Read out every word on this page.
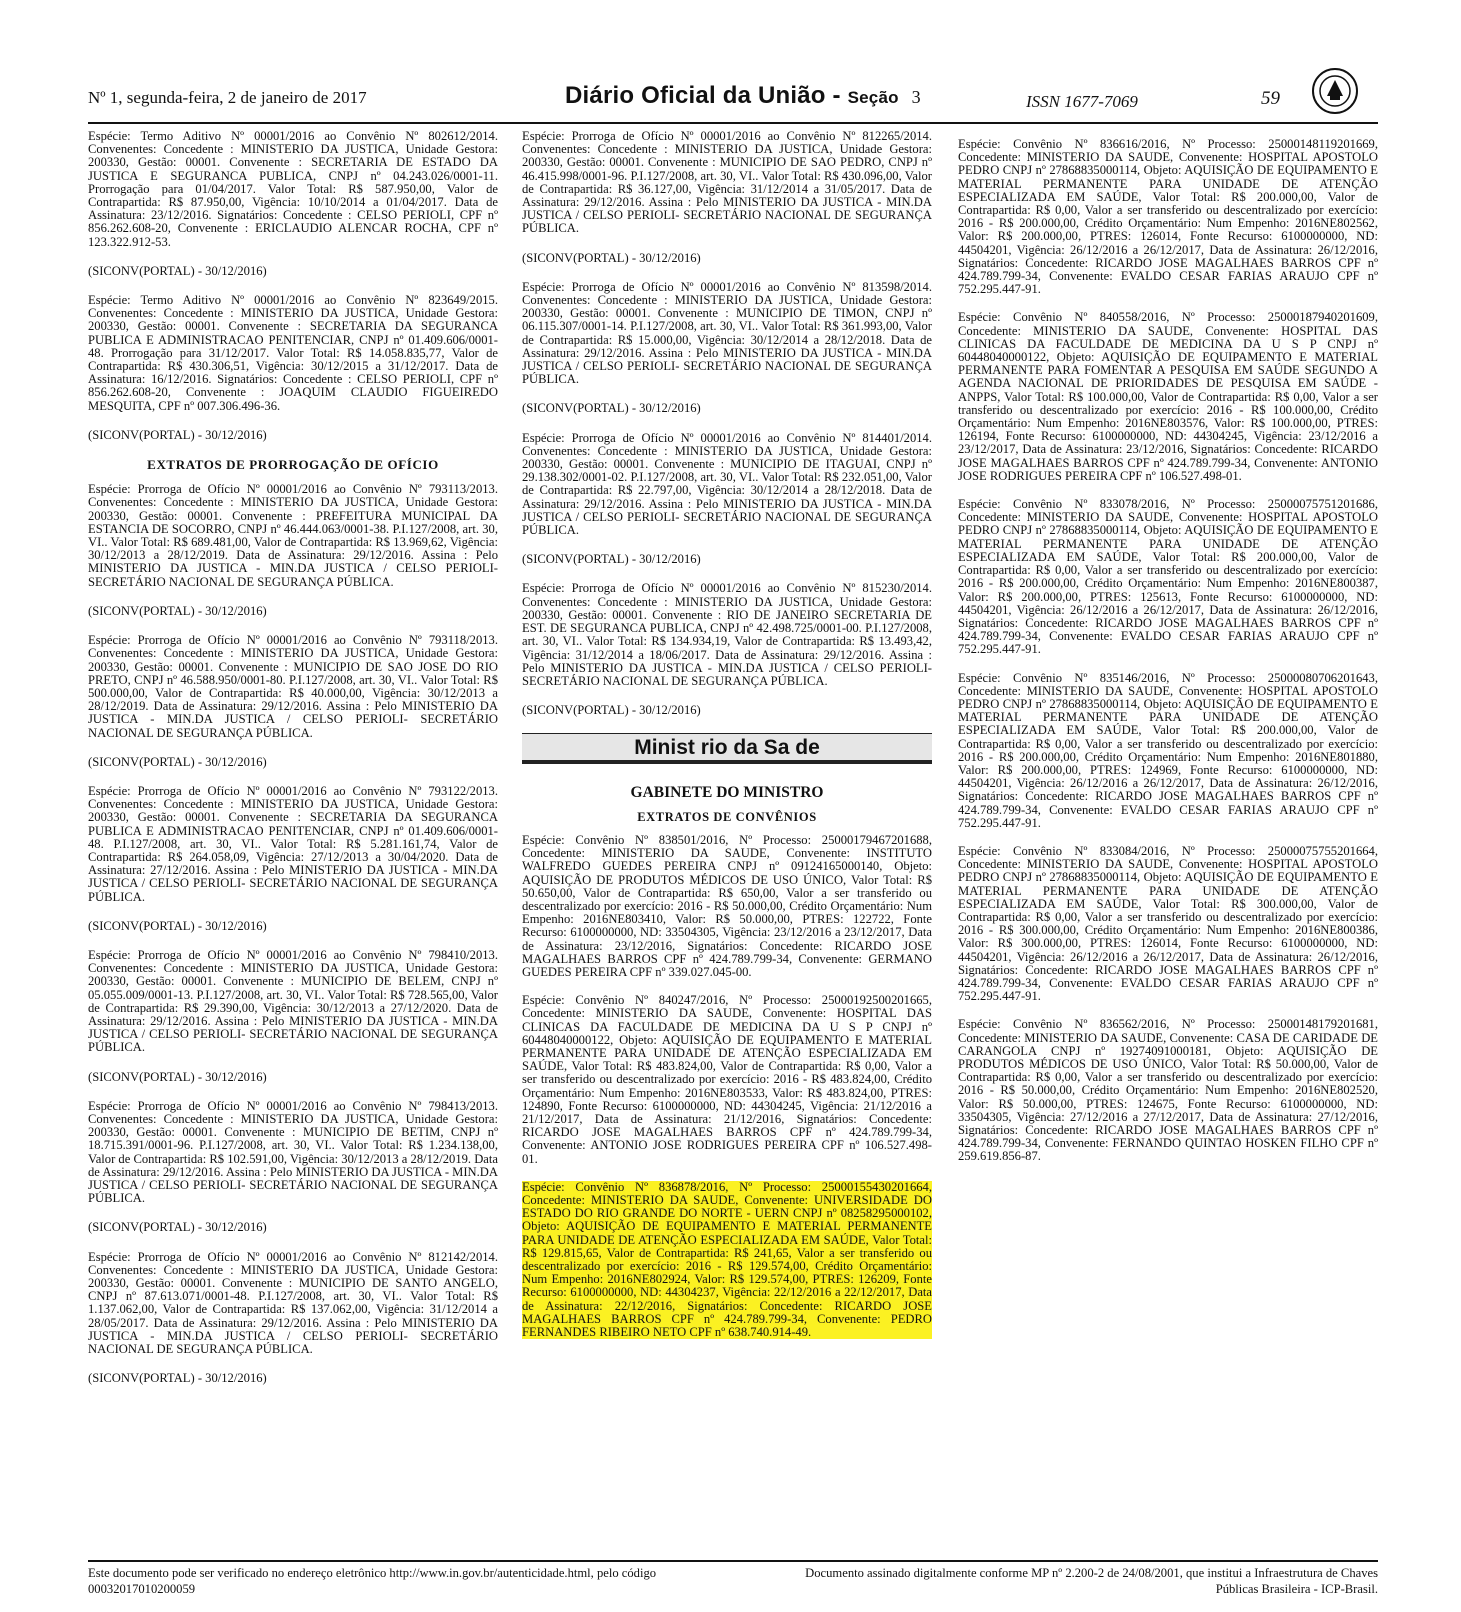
Nº 1, segunda-feira, 2 de janeiro de 2017	Diário Oficial da União - Seção 3	ISSN 1677-7069	59

Espécie: Termo Aditivo Nº 00001/2016 ao Convênio Nº 802612/2014. Convenentes: Concedente : MINISTERIO DA JUSTICA, Unidade Gestora: 200330, Gestão: 00001. Convenente : SECRETARIA DE ESTADO DA JUSTICA E SEGURANCA PUBLICA, CNPJ nº 04.243.026/0001-11. Prorrogação para 01/04/2017. Valor Total: R$ 587.950,00, Valor de Contrapartida: R$ 87.950,00, Vigência: 10/10/2014 a 01/04/2017. Data de Assinatura: 23/12/2016. Signatários: Concedente : CELSO PERIOLI, CPF nº 856.262.608-20, Convenente : ERICLAUDIO ALENCAR ROCHA, CPF nº 123.322.912-53.

(SICONV(PORTAL) - 30/12/2016)

Espécie: Termo Aditivo Nº 00001/2016 ao Convênio Nº 823649/2015. Convenentes: Concedente : MINISTERIO DA JUSTICA, Unidade Gestora: 200330, Gestão: 00001. Convenente : SECRETARIA DA SEGURANCA PUBLICA E ADMINISTRACAO PENITENCIAR, CNPJ nº 01.409.606/0001-48. Prorrogação para 31/12/2017. Valor Total: R$ 14.058.835,77, Valor de Contrapartida: R$ 430.306,51, Vigência: 30/12/2015 a 31/12/2017. Data de Assinatura: 16/12/2016. Signatários: Concedente : CELSO PERIOLI, CPF nº 856.262.608-20, Convenente : JOAQUIM CLAUDIO FIGUEIREDO MESQUITA, CPF nº 007.306.496-36.

(SICONV(PORTAL) - 30/12/2016)

EXTRATOS DE PRORROGAÇÃO DE OFÍCIO

Espécie: Prorroga de Ofício Nº 00001/2016 ao Convênio Nº 793113/2013. Convenentes: Concedente : MINISTERIO DA JUSTICA, Unidade Gestora: 200330, Gestão: 00001. Convenente : PREFEITURA MUNICIPAL DA ESTANCIA DE SOCORRO, CNPJ nº 46.444.063/0001-38. P.I.127/2008, art. 30, VI.. Valor Total: R$ 689.481,00, Valor de Contrapartida: R$ 13.969,62, Vigência: 30/12/2013 a 28/12/2019. Data de Assinatura: 29/12/2016. Assina : Pelo MINISTERIO DA JUSTICA - MIN.DA JUSTICA / CELSO PERIOLI- SECRETÁRIO NACIONAL DE SEGURANÇA PÚBLICA.

(SICONV(PORTAL) - 30/12/2016)

Espécie: Prorroga de Ofício Nº 00001/2016 ao Convênio Nº 793118/2013. Convenentes: Concedente : MINISTERIO DA JUSTICA, Unidade Gestora: 200330, Gestão: 00001. Convenente : MUNICIPIO DE SAO JOSE DO RIO PRETO, CNPJ nº 46.588.950/0001-80. P.I.127/2008, art. 30, VI.. Valor Total: R$ 500.000,00, Valor de Contrapartida: R$ 40.000,00, Vigência: 30/12/2013 a 28/12/2019. Data de Assinatura: 29/12/2016. Assina : Pelo MINISTERIO DA JUSTICA - MIN.DA JUSTICA / CELSO PERIOLI- SECRETÁRIO NACIONAL DE SEGURANÇA PÚBLICA.

(SICONV(PORTAL) - 30/12/2016)

Espécie: Prorroga de Ofício Nº 00001/2016 ao Convênio Nº 793122/2013. Convenentes: Concedente : MINISTERIO DA JUSTICA, Unidade Gestora: 200330, Gestão: 00001. Convenente : SECRETARIA DA SEGURANCA PUBLICA E ADMINISTRACAO PENITENCIAR, CNPJ nº 01.409.606/0001-48. P.I.127/2008, art. 30, VI.. Valor Total: R$ 5.281.161,74, Valor de Contrapartida: R$ 264.058,09, Vigência: 27/12/2013 a 30/04/2020. Data de Assinatura: 27/12/2016. Assina : Pelo MINISTERIO DA JUSTICA - MIN.DA JUSTICA / CELSO PERIOLI- SECRETÁRIO NACIONAL DE SEGURANÇA PÚBLICA.

(SICONV(PORTAL) - 30/12/2016)

Espécie: Prorroga de Ofício Nº 00001/2016 ao Convênio Nº 798410/2013. Convenentes: Concedente : MINISTERIO DA JUSTICA, Unidade Gestora: 200330, Gestão: 00001. Convenente : MUNICIPIO DE BELEM, CNPJ nº 05.055.009/0001-13. P.I.127/2008, art. 30, VI.. Valor Total: R$ 728.565,00, Valor de Contrapartida: R$ 29.390,00, Vigência: 30/12/2013 a 27/12/2020. Data de Assinatura: 29/12/2016. Assina : Pelo MINISTERIO DA JUSTICA - MIN.DA JUSTICA / CELSO PERIOLI- SECRETÁRIO NACIONAL DE SEGURANÇA PÚBLICA.

(SICONV(PORTAL) - 30/12/2016)

Espécie: Prorroga de Ofício Nº 00001/2016 ao Convênio Nº 798413/2013. Convenentes: Concedente : MINISTERIO DA JUSTICA, Unidade Gestora: 200330, Gestão: 00001. Convenente : MUNICIPIO DE BETIM, CNPJ nº 18.715.391/0001-96. P.I.127/2008, art. 30, VI.. Valor Total: R$ 1.234.138,00, Valor de Contrapartida: R$ 102.591,00, Vigência: 30/12/2013 a 28/12/2019. Data de Assinatura: 29/12/2016. Assina : Pelo MINISTERIO DA JUSTICA - MIN.DA JUSTICA / CELSO PERIOLI- SECRETÁRIO NACIONAL DE SEGURANÇA PÚBLICA.

(SICONV(PORTAL) - 30/12/2016)

Espécie: Prorroga de Ofício Nº 00001/2016 ao Convênio Nº 812142/2014. Convenentes: Concedente : MINISTERIO DA JUSTICA, Unidade Gestora: 200330, Gestão: 00001. Convenente : MUNICIPIO DE SANTO ANGELO, CNPJ nº 87.613.071/0001-48. P.I.127/2008, art. 30, VI.. Valor Total: R$ 1.137.062,00, Valor de Contrapartida: R$ 137.062,00, Vigência: 31/12/2014 a 28/05/2017. Data de Assinatura: 29/12/2016. Assina : Pelo MINISTERIO DA JUSTICA - MIN.DA JUSTICA / CELSO PERIOLI- SECRETÁRIO NACIONAL DE SEGURANÇA PÚBLICA.

(SICONV(PORTAL) - 30/12/2016)

Espécie: Prorroga de Ofício Nº 00001/2016 ao Convênio Nº 812265/2014. Convenentes: Concedente : MINISTERIO DA JUSTICA, Unidade Gestora: 200330, Gestão: 00001. Convenente : MUNICIPIO DE SAO PEDRO, CNPJ nº 46.415.998/0001-96. P.I.127/2008, art. 30, VI.. Valor Total: R$ 430.096,00, Valor de Contrapartida: R$ 36.127,00, Vigência: 31/12/2014 a 31/05/2017. Data de Assinatura: 29/12/2016. Assina : Pelo MINISTERIO DA JUSTICA - MIN.DA JUSTICA / CELSO PERIOLI- SECRETÁRIO NACIONAL DE SEGURANÇA PÚBLICA.

(SICONV(PORTAL) - 30/12/2016)

Espécie: Prorroga de Ofício Nº 00001/2016 ao Convênio Nº 813598/2014. Convenentes: Concedente : MINISTERIO DA JUSTICA, Unidade Gestora: 200330, Gestão: 00001. Convenente : MUNICIPIO DE TIMON, CNPJ nº 06.115.307/0001-14. P.I.127/2008, art. 30, VI.. Valor Total: R$ 361.993,00, Valor de Contrapartida: R$ 15.000,00, Vigência: 30/12/2014 a 28/12/2018. Data de Assinatura: 29/12/2016. Assina : Pelo MINISTERIO DA JUSTICA - MIN.DA JUSTICA / CELSO PERIOLI- SECRETÁRIO NACIONAL DE SEGURANÇA PÚBLICA.

(SICONV(PORTAL) - 30/12/2016)

Espécie: Prorroga de Ofício Nº 00001/2016 ao Convênio Nº 814401/2014. Convenentes: Concedente : MINISTERIO DA JUSTICA, Unidade Gestora: 200330, Gestão: 00001. Convenente : MUNICIPIO DE ITAGUAI, CNPJ nº 29.138.302/0001-02. P.I.127/2008, art. 30, VI.. Valor Total: R$ 232.051,00, Valor de Contrapartida: R$ 22.797,00, Vigência: 30/12/2014 a 28/12/2018. Data de Assinatura: 29/12/2016. Assina : Pelo MINISTERIO DA JUSTICA - MIN.DA JUSTICA / CELSO PERIOLI- SECRETÁRIO NACIONAL DE SEGURANÇA PÚBLICA.

(SICONV(PORTAL) - 30/12/2016)

Espécie: Prorroga de Ofício Nº 00001/2016 ao Convênio Nº 815230/2014. Convenentes: Concedente : MINISTERIO DA JUSTICA, Unidade Gestora: 200330, Gestão: 00001. Convenente : RIO DE JANEIRO SECRETARIA DE EST. DE SEGURANCA PUBLICA, CNPJ nº 42.498.725/0001-00. P.I.127/2008, art. 30, VI.. Valor Total: R$ 134.934,19, Valor de Contrapartida: R$ 13.493,42, Vigência: 31/12/2014 a 18/06/2017. Data de Assinatura: 29/12/2016. Assina : Pelo MINISTERIO DA JUSTICA - MIN.DA JUSTICA / CELSO PERIOLI- SECRETÁRIO NACIONAL DE SEGURANÇA PÚBLICA.

(SICONV(PORTAL) - 30/12/2016)

Minist rio da Sa de
GABINETE DO MINISTRO
EXTRATOS DE CONVÊNIOS

Espécie: Convênio Nº 838501/2016, Nº Processo: 25000179467201688, Concedente: MINISTERIO DA SAUDE, Convenente: INSTITUTO WALFREDO GUEDES PEREIRA CNPJ nº 09124165000140, Objeto: AQUISIÇÃO DE PRODUTOS MÉDICOS DE USO ÚNICO, Valor Total: R$ 50.650,00, Valor de Contrapartida: R$ 650,00, Valor a ser transferido ou descentralizado por exercício: 2016 - R$ 50.000,00, Crédito Orçamentário: Num Empenho: 2016NE803410, Valor: R$ 50.000,00, PTRES: 122722, Fonte Recurso: 6100000000, ND: 33504305, Vigência: 23/12/2016 a 23/12/2017, Data de Assinatura: 23/12/2016, Signatários: Concedente: RICARDO JOSE MAGALHAES BARROS CPF nº 424.789.799-34, Convenente: GERMANO GUEDES PEREIRA CPF nº 339.027.045-00.

Espécie: Convênio Nº 840247/2016, Nº Processo: 25000192500201665, Concedente: MINISTERIO DA SAUDE, Convenente: HOSPITAL DAS CLINICAS DA FACULDADE DE MEDICINA DA U S P CNPJ nº 60448040000122, Objeto: AQUISIÇÃO DE EQUIPAMENTO E MATERIAL PERMANENTE PARA UNIDADE DE ATENÇÃO ESPECIALIZADA EM SAÚDE, Valor Total: R$ 483.824,00, Valor de Contrapartida: R$ 0,00, Valor a ser transferido ou descentralizado por exercício: 2016 - R$ 483.824,00, Crédito Orçamentário: Num Empenho: 2016NE803533, Valor: R$ 483.824,00, PTRES: 124890, Fonte Recurso: 6100000000, ND: 44304245, Vigência: 21/12/2016 a 21/12/2017, Data de Assinatura: 21/12/2016, Signatários: Concedente: RICARDO JOSE MAGALHAES BARROS CPF nº 424.789.799-34, Convenente: ANTONIO JOSE RODRIGUES PEREIRA CPF nº 106.527.498-01.

Espécie: Convênio Nº 836878/2016, Nº Processo: 25000155430201664, Concedente: MINISTERIO DA SAUDE, Convenente: UNIVERSIDADE DO ESTADO DO RIO GRANDE DO NORTE - UERN CNPJ nº 08258295000102, Objeto: AQUISIÇÃO DE EQUIPAMENTO E MATERIAL PERMANENTE PARA UNIDADE DE ATENÇÃO ESPECIALIZADA EM SAÚDE, Valor Total: R$ 129.815,65, Valor de Contrapartida: R$ 241,65, Valor a ser transferido ou descentralizado por exercício: 2016 - R$ 129.574,00, Crédito Orçamentário: Num Empenho: 2016NE802924, Valor: R$ 129.574,00, PTRES: 126209, Fonte Recurso: 6100000000, ND: 44304237, Vigência: 22/12/2016 a 22/12/2017, Data de Assinatura: 22/12/2016, Signatários: Concedente: RICARDO JOSE MAGALHAES BARROS CPF nº 424.789.799-34, Convenente: PEDRO FERNANDES RIBEIRO NETO CPF nº 638.740.914-49.

Espécie: Convênio Nº 836616/2016, Nº Processo: 25000148119201669, Concedente: MINISTERIO DA SAUDE, Convenente: HOSPITAL APOSTOLO PEDRO CNPJ nº 27868835000114, Objeto: AQUISIÇÃO DE EQUIPAMENTO E MATERIAL PERMANENTE PARA UNIDADE DE ATENÇÃO ESPECIALIZADA EM SAÚDE, Valor Total: R$ 200.000,00, Valor de Contrapartida: R$ 0,00, Valor a ser transferido ou descentralizado por exercício: 2016 - R$ 200.000,00, Crédito Orçamentário: Num Empenho: 2016NE802562, Valor: R$ 200.000,00, PTRES: 126014, Fonte Recurso: 6100000000, ND: 44504201, Vigência: 26/12/2016 a 26/12/2017, Data de Assinatura: 26/12/2016, Signatários: Concedente: RICARDO JOSE MAGALHAES BARROS CPF nº 424.789.799-34, Convenente: EVALDO CESAR FARIAS ARAUJO CPF nº 752.295.447-91.

Espécie: Convênio Nº 840558/2016, Nº Processo: 25000187940201609, Concedente: MINISTERIO DA SAUDE, Convenente: HOSPITAL DAS CLINICAS DA FACULDADE DE MEDICINA DA U S P CNPJ nº 60448040000122, Objeto: AQUISIÇÃO DE EQUIPAMENTO E MATERIAL PERMANENTE PARA FOMENTAR A PESQUISA EM SAÚDE SEGUNDO A AGENDA NACIONAL DE PRIORIDADES DE PESQUISA EM SAÚDE - ANPPS, Valor Total: R$ 100.000,00, Valor de Contrapartida: R$ 0,00, Valor a ser transferido ou descentralizado por exercício: 2016 - R$ 100.000,00, Crédito Orçamentário: Num Empenho: 2016NE803576, Valor: R$ 100.000,00, PTRES: 126194, Fonte Recurso: 6100000000, ND: 44304245, Vigência: 23/12/2016 a 23/12/2017, Data de Assinatura: 23/12/2016, Signatários: Concedente: RICARDO JOSE MAGALHAES BARROS CPF nº 424.789.799-34, Convenente: ANTONIO JOSE RODRIGUES PEREIRA CPF nº 106.527.498-01.

Espécie: Convênio Nº 833078/2016, Nº Processo: 25000075751201686, Concedente: MINISTERIO DA SAUDE, Convenente: HOSPITAL APOSTOLO PEDRO CNPJ nº 27868835000114, Objeto: AQUISIÇÃO DE EQUIPAMENTO E MATERIAL PERMANENTE PARA UNIDADE DE ATENÇÃO ESPECIALIZADA EM SAÚDE, Valor Total: R$ 200.000,00, Valor de Contrapartida: R$ 0,00, Valor a ser transferido ou descentralizado por exercício: 2016 - R$ 200.000,00, Crédito Orçamentário: Num Empenho: 2016NE800387, Valor: R$ 200.000,00, PTRES: 125613, Fonte Recurso: 6100000000, ND: 44504201, Vigência: 26/12/2016 a 26/12/2017, Data de Assinatura: 26/12/2016, Signatários: Concedente: RICARDO JOSE MAGALHAES BARROS CPF nº 424.789.799-34, Convenente: EVALDO CESAR FARIAS ARAUJO CPF nº 752.295.447-91.

Espécie: Convênio Nº 835146/2016, Nº Processo: 25000080706201643, Concedente: MINISTERIO DA SAUDE, Convenente: HOSPITAL APOSTOLO PEDRO CNPJ nº 27868835000114, Objeto: AQUISIÇÃO DE EQUIPAMENTO E MATERIAL PERMANENTE PARA UNIDADE DE ATENÇÃO ESPECIALIZADA EM SAÚDE, Valor Total: R$ 200.000,00, Valor de Contrapartida: R$ 0,00, Valor a ser transferido ou descentralizado por exercício: 2016 - R$ 200.000,00, Crédito Orçamentário: Num Empenho: 2016NE801880, Valor: R$ 200.000,00, PTRES: 124969, Fonte Recurso: 6100000000, ND: 44504201, Vigência: 26/12/2016 a 26/12/2017, Data de Assinatura: 26/12/2016, Signatários: Concedente: RICARDO JOSE MAGALHAES BARROS CPF nº 424.789.799-34, Convenente: EVALDO CESAR FARIAS ARAUJO CPF nº 752.295.447-91.

Espécie: Convênio Nº 833084/2016, Nº Processo: 25000075755201664, Concedente: MINISTERIO DA SAUDE, Convenente: HOSPITAL APOSTOLO PEDRO CNPJ nº 27868835000114, Objeto: AQUISIÇÃO DE EQUIPAMENTO E MATERIAL PERMANENTE PARA UNIDADE DE ATENÇÃO ESPECIALIZADA EM SAÚDE, Valor Total: R$ 300.000,00, Valor de Contrapartida: R$ 0,00, Valor a ser transferido ou descentralizado por exercício: 2016 - R$ 300.000,00, Crédito Orçamentário: Num Empenho: 2016NE800386, Valor: R$ 300.000,00, PTRES: 126014, Fonte Recurso: 6100000000, ND: 44504201, Vigência: 26/12/2016 a 26/12/2017, Data de Assinatura: 26/12/2016, Signatários: Concedente: RICARDO JOSE MAGALHAES BARROS CPF nº 424.789.799-34, Convenente: EVALDO CESAR FARIAS ARAUJO CPF nº 752.295.447-91.

Espécie: Convênio Nº 836562/2016, Nº Processo: 25000148179201681, Concedente: MINISTERIO DA SAUDE, Convenente: CASA DE CARIDADE DE CARANGOLA CNPJ nº 19274091000181, Objeto: AQUISIÇÃO DE PRODUTOS MÉDICOS DE USO ÚNICO, Valor Total: R$ 50.000,00, Valor de Contrapartida: R$ 0,00, Valor a ser transferido ou descentralizado por exercício: 2016 - R$ 50.000,00, Crédito Orçamentário: Num Empenho: 2016NE802520, Valor: R$ 50.000,00, PTRES: 124675, Fonte Recurso: 6100000000, ND: 33504305, Vigência: 27/12/2016 a 27/12/2017, Data de Assinatura: 27/12/2016, Signatários: Concedente: RICARDO JOSE MAGALHAES BARROS CPF nº 424.789.799-34, Convenente: FERNANDO QUINTAO HOSKEN FILHO CPF nº 259.619.856-87.

Este documento pode ser verificado no endereço eletrônico http://www.in.gov.br/autenticidade.html, pelo código 00032017010200059
Documento assinado digitalmente conforme MP nº 2.200-2 de 24/08/2001, que institui a Infraestrutura de Chaves Públicas Brasileira - ICP-Brasil.
